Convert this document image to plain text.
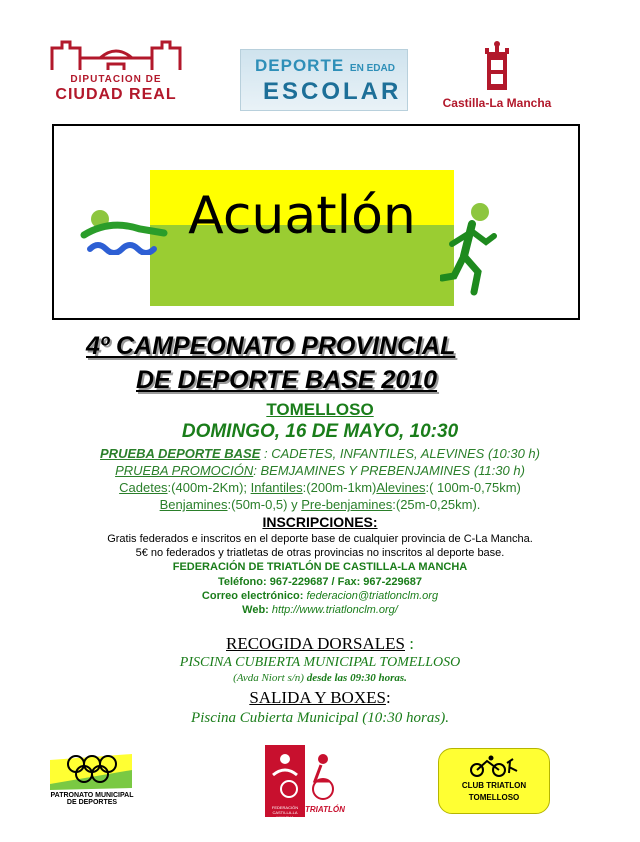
DIPUTACION DE
CIUDAD REAL
DEPORTE EN EDAD
ESCOLAR	Castilla-La Mancha
Acuatlón
4º CAMPEONATO PROVINCIAL
DE DEPORTE BASE 2010
TOMELLOSO
DOMINGO, 16 DE MAYO, 10:30
PRUEBA DEPORTE BASE : CADETES, INFANTILES, ALEVINES (10:30 h)
PRUEBA PROMOCIÓN: BEMJAMINES Y PREBENJAMINES (11:30 h)
Cadetes:(400m-2Km); Infantiles:(200m-1km)Alevines:( 100m-0,75km)
Benjamines:(50m-0,5) y Pre-benjamines:(25m-0,25km).
INSCRIPCIONES:
Gratis federados e inscritos en el deporte base de cualquier provincia de C-La Mancha.
5€ no federados y triatletas de otras provincias no inscritos al deporte base.
FEDERACIÓN DE TRIATLÓN DE CASTILLA-LA MANCHA
Teléfono: 967-229687 / Fax: 967-229687
Correo electrónico: federacion@triatlonclm.org
Web: http://www.triatlonclm.org/
RECOGIDA DORSALES :
PISCINA CUBIERTA MUNICIPAL TOMELLOSO
(Avda Niort s/n) desde las 09:30 horas.
SALIDA Y BOXES:
Piscina Cubierta Municipal (10:30 horas).
PATRONATO MUNICIPAL DE DEPORTES
FEDERACIÓN CASTILLA-LA MANCHA
TRIATLÓN
CLUB TRIATLON
TOMELLOSO
